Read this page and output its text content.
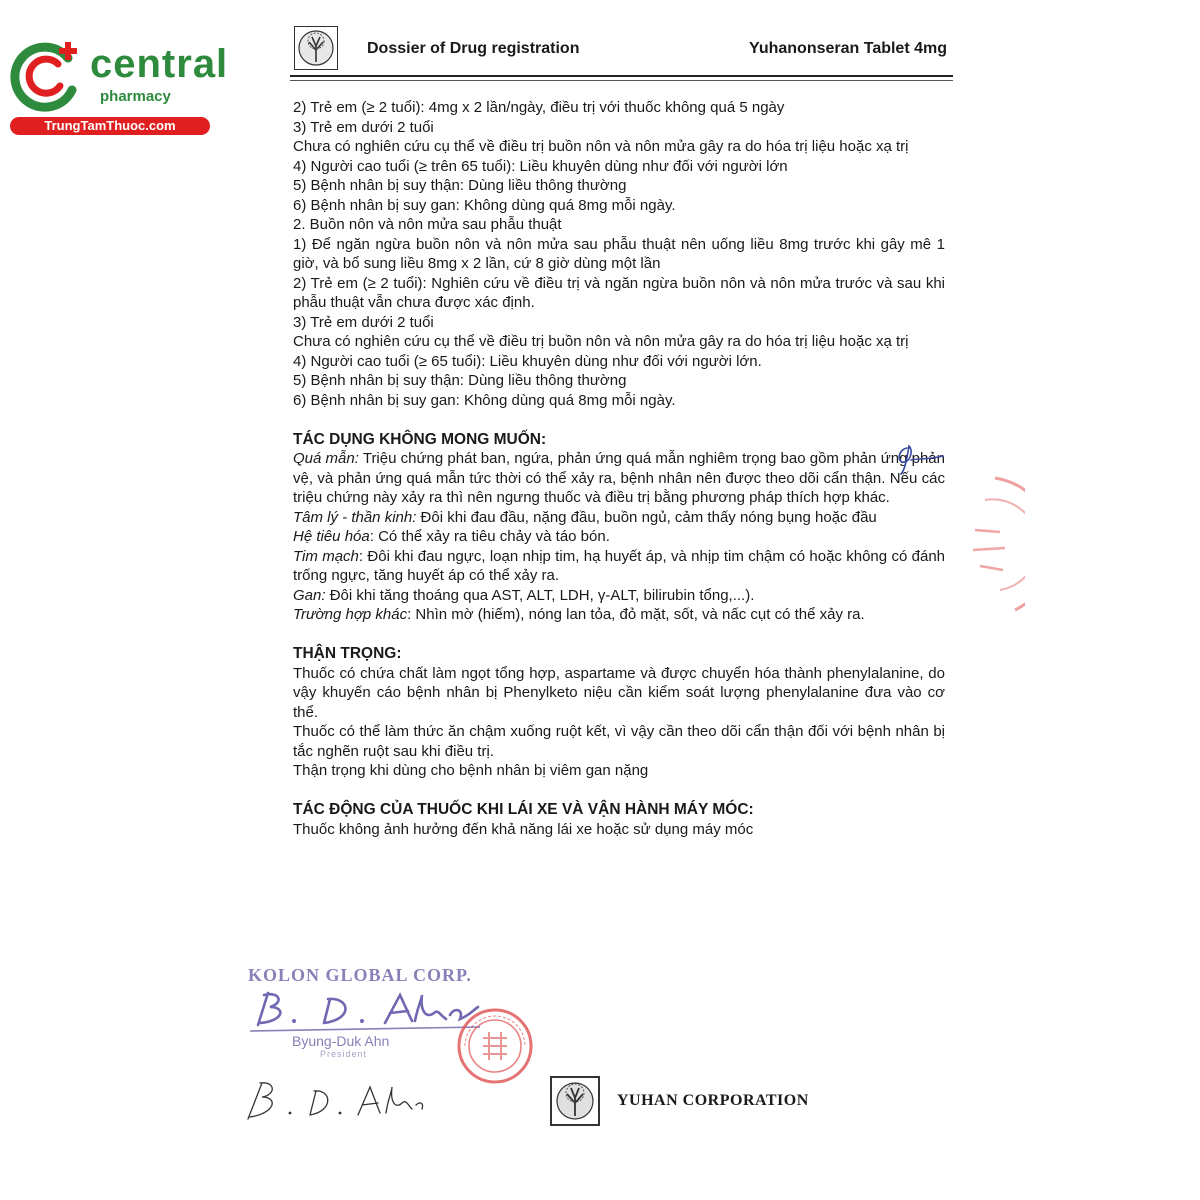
central
pharmacy
TrungTamThuoc.com
Dossier of Drug registration	Yuhanonseran Tablet 4mg

2) Trẻ em (≥ 2 tuổi): 4mg x 2 lần/ngày, điều trị với thuốc không quá 5 ngày

3) Trẻ em dưới 2 tuổi

Chưa có nghiên cứu cụ thể về điều trị buồn nôn và nôn mửa gây ra do hóa trị liệu hoặc xạ trị

4) Người cao tuổi (≥ trên 65 tuổi): Liều khuyên dùng như đối với người lớn

5) Bệnh nhân bị suy thận: Dùng liều thông thường

6) Bệnh nhân bị suy gan: Không dùng quá 8mg mỗi ngày.

2. Buồn nôn và nôn mửa sau phẫu thuật

1) Để ngăn ngừa buồn nôn và nôn mửa sau phẫu thuật nên uống liều 8mg trước khi gây mê 1 giờ, và bổ sung liều 8mg x 2 lần, cứ 8 giờ dùng một lần

2) Trẻ em (≥ 2 tuổi): Nghiên cứu về điều trị và ngăn ngừa buồn nôn và nôn mửa trước và sau khi phẫu thuật vẫn chưa được xác định.

3) Trẻ em dưới 2 tuổi

Chưa có nghiên cứu cụ thể về điều trị buồn nôn và nôn mửa gây ra do hóa trị liệu hoặc xạ trị

4) Người cao tuổi (≥ 65 tuổi): Liều khuyên dùng như đối với người lớn.

5) Bệnh nhân bị suy thận: Dùng liều thông thường

6) Bệnh nhân bị suy gan: Không dùng quá 8mg mỗi ngày.

TÁC DỤNG KHÔNG MONG MUỐN:

Quá mẫn: Triệu chứng phát ban, ngứa, phản ứng quá mẫn nghiêm trọng bao gồm phản ứng phản vệ, và phản ứng quá mẫn tức thời có thể xảy ra, bệnh nhân nên được theo dõi cẩn thận. Nếu các triệu chứng này xảy ra thì nên ngưng thuốc và điều trị bằng phương pháp thích hợp khác.

Tâm lý - thần kinh: Đôi khi đau đầu, nặng đầu, buồn ngủ, cảm thấy nóng bụng hoặc đầu

Hệ tiêu hóa: Có thể xảy ra tiêu chảy và táo bón.

Tim mạch: Đôi khi đau ngực, loạn nhịp tim, hạ huyết áp, và nhịp tim chậm có hoặc không có đánh trống ngực, tăng huyết áp có thể xảy ra.

Gan: Đôi khi tăng thoáng qua AST, ALT, LDH, γ-ALT, bilirubin tổng,...).

Trường hợp khác: Nhìn mờ (hiếm), nóng lan tỏa, đỏ mặt, sốt, và nấc cụt có thể xảy ra.

THẬN TRỌNG:

Thuốc có chứa chất làm ngọt tổng hợp, aspartame và được chuyển hóa thành phenylalanine, do vậy khuyến cáo bệnh nhân bị Phenylketo niệu cần kiểm soát lượng phenylalanine đưa vào cơ thể.

Thuốc có thể làm thức ăn chậm xuống ruột kết, vì vậy cần theo dõi cẩn thận đối với bệnh nhân bị tắc nghẽn ruột sau khi điều trị.

Thận trọng khi dùng cho bệnh nhân bị viêm gan nặng

TÁC ĐỘNG CỦA THUỐC KHI LÁI XE VÀ VẬN HÀNH MÁY MÓC:

Thuốc không ảnh hưởng đến khả năng lái xe hoặc sử dụng máy móc

KOLON GLOBAL CORP.
Byung-Duk Ahn
President
YUHAN CORPORATION
